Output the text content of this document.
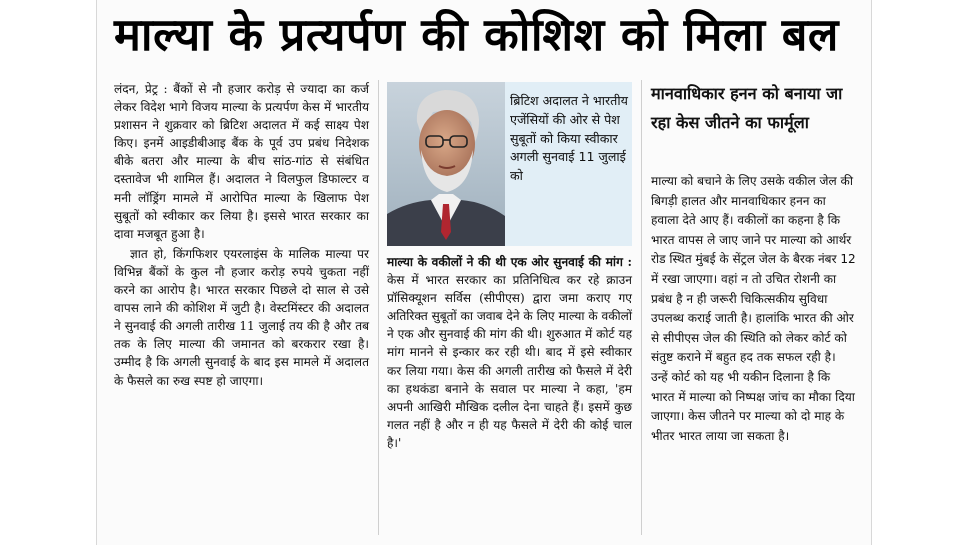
माल्या के प्रत्यर्पण की कोशिश को मिला बल

लंदन, प्रेट्र : बैंकों से नौ हजार करोड़ से ज्यादा का कर्ज लेकर विदेश भागे विजय माल्या के प्रत्यर्पण केस में भारतीय प्रशासन ने शुक्रवार को ब्रिटिश अदालत में कई साक्ष्य पेश किए। इनमें आइडीबीआइ बैंक के पूर्व उप प्रबंध निदेशक बीके बतरा और माल्या के बीच सांठ-गांठ से संबंधित दस्तावेज भी शामिल हैं। अदालत ने विलफुल डिफाल्टर व मनी लॉड्रिंग मामले में आरोपित माल्या के खिलाफ पेश सुबूतों को स्वीकार कर लिया है। इससे भारत सरकार का दावा मजबूत हुआ है।

ज्ञात हो, किंगफिशर एयरलाइंस के मालिक माल्या पर विभिन्न बैंकों के कुल नौ हजार करोड़ रुपये चुकता नहीं करने का आरोप है। भारत सरकार पिछले दो साल से उसे वापस लाने की कोशिश में जुटी है। वेस्टमिंस्टर की अदालत ने सुनवाई की अगली तारीख 11 जुलाई तय की है और तब तक के लिए माल्या की जमानत को बरकरार रखा है। उम्मीद है कि अगली सुनवाई के बाद इस मामले में अदालत के फैसले का रुख स्पष्ट हो जाएगा।

ब्रिटिश अदालत ने भारतीय एजेंसियों की ओर से पेश सुबूतों को किया स्वीकार अगली सुनवाई 11 जुलाई को

माल्या के वकीलों ने की थी एक ओर सुनवाई की मांग : केस में भारत सरकार का प्रतिनिधित्व कर रहे क्राउन प्रॉसिक्यूशन सर्विस (सीपीएस) द्वारा जमा कराए गए अतिरिक्त सुबूतों का जवाब देने के लिए माल्या के वकीलों ने एक और सुनवाई की मांग की थी। शुरुआत में कोर्ट यह मांग मानने से इन्कार कर रही थी। बाद में इसे स्वीकार कर लिया गया। केस की अगली तारीख को फैसले में देरी का हथकंडा बनाने के सवाल पर माल्या ने कहा, 'हम अपनी आखिरी मौखिक दलील देना चाहते हैं। इसमें कुछ गलत नहीं है और न ही यह फैसले में देरी की कोई चाल है।'

मानवाधिकार हनन को बनाया जा रहा केस जीतने का फार्मूला

माल्या को बचाने के लिए उसके वकील जेल की बिगड़ी हालत और मानवाधिकार हनन का हवाला देते आए हैं। वकीलों का कहना है कि भारत वापस ले जाए जाने पर माल्या को आर्थर रोड स्थित मुंबई के सेंट्रल जेल के बैरक नंबर 12 में रखा जाएगा। वहां न तो उचित रोशनी का प्रबंध है न ही जरूरी चिकित्सकीय सुविधा उपलब्ध कराई जाती है। हालांकि भारत की ओर से सीपीएस जेल की स्थिति को लेकर कोर्ट को संतुष्ट कराने में बहुत हद तक सफल रही है। उन्हें कोर्ट को यह भी यकीन दिलाना है कि भारत में माल्या को निष्पक्ष जांच का मौका दिया जाएगा। केस जीतने पर माल्या को दो माह के भीतर भारत लाया जा सकता है।
